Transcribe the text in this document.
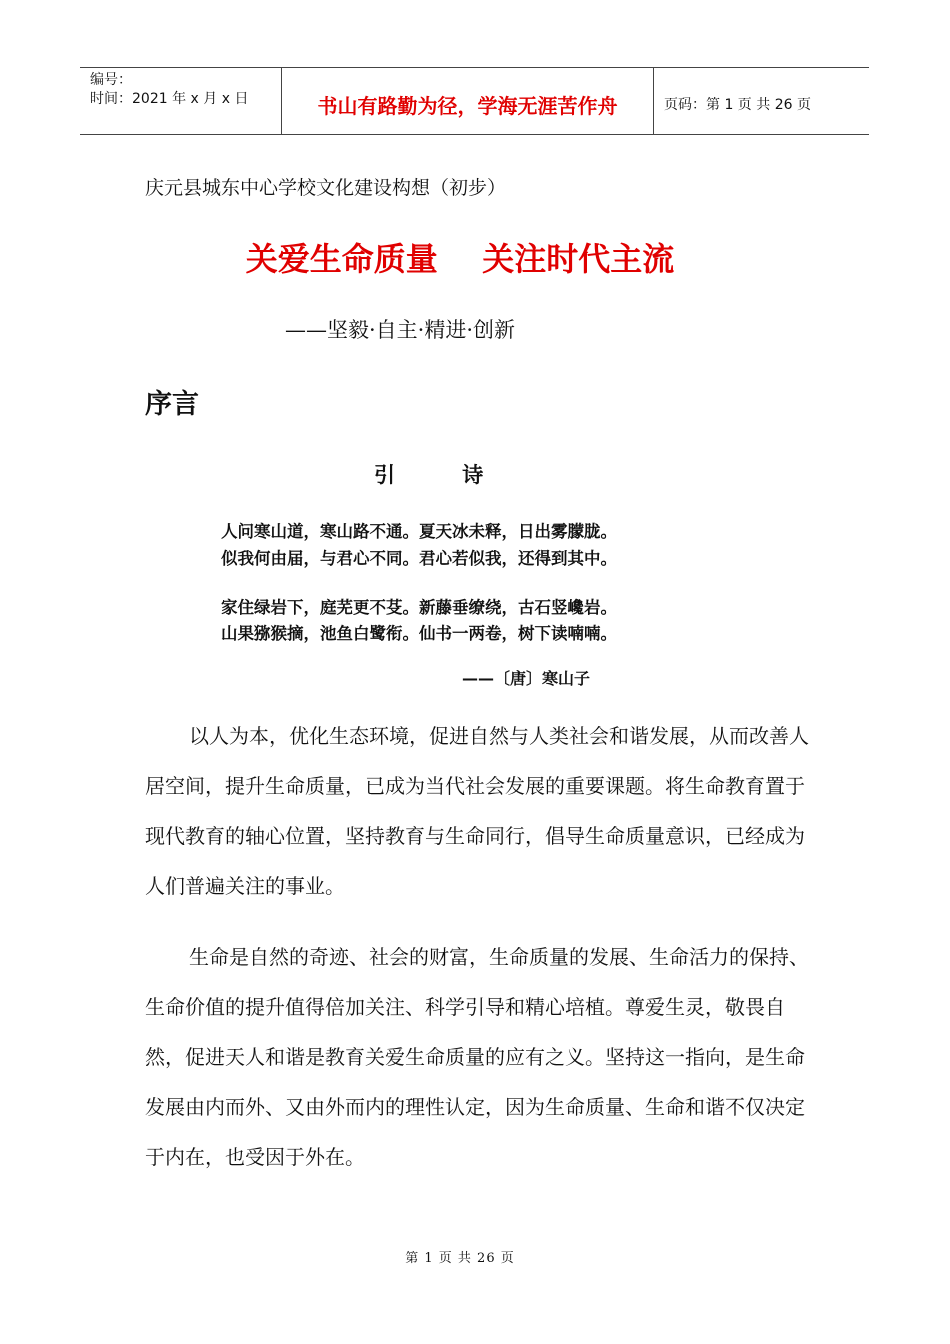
编号：
时间：2021 年 x 月 x 日	书山有路勤为径，学海无涯苦作舟	页码：第 1 页 共 26 页
庆元县城东中心学校文化建设构想（初步）
关爱生命质量    关注时代主流
——坚毅·自主·精进·创新
序言
引 诗
人问寒山道，寒山路不通。夏天冰未释，日出雾朦胧。
似我何由届，与君心不同。君心若似我，还得到其中。
家住绿岩下，庭芜更不芟。新藤垂缭绕，古石竖巉岩。
山果猕猴摘，池鱼白鹭衔。仙书一两卷，树下读喃喃。
——〔唐〕寒山子
以人为本，优化生态环境，促进自然与人类社会和谐发展，从而改善人居空间，提升生命质量，已成为当代社会发展的重要课题。将生命教育置于现代教育的轴心位置，坚持教育与生命同行，倡导生命质量意识，已经成为人们普遍关注的事业。
生命是自然的奇迹、社会的财富，生命质量的发展、生命活力的保持、生命价值的提升值得倍加关注、科学引导和精心培植。尊爱生灵，敬畏自然，促进天人和谐是教育关爱生命质量的应有之义。坚持这一指向，是生命发展由内而外、又由外而内的理性认定，因为生命质量、生命和谐不仅决定于内在，也受因于外在。
第 1 页 共 26 页
